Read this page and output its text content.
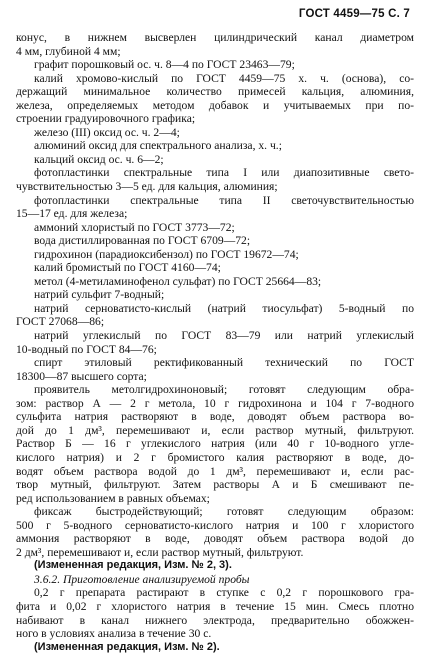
ГОСТ 4459—75 С. 7
конус, в нижнем высверлен цилиндрический канал диаметром
4 мм, глубиной 4 мм;
графит порошковый ос. ч. 8—4 по ГОСТ 23463—79;
калий хромово-кислый по ГОСТ 4459—75 х. ч. (основа), со-
держащий минимальное количество примесей кальция, алюминия,
железа, определяемых методом добавок и учитываемых при по-
строении градуировочного графика;
железо (III) оксид ос. ч. 2—4;
алюминий оксид для спектрального анализа, х. ч.;
кальций оксид ос. ч. 6—2;
фотопластинки спектральные типа I или диапозитивные свето-
чувствительностью 3—5 ед. для кальция, алюминия;
фотопластинки спектральные типа II светочувствительностью
15—17 ед. для железа;
аммоний хлористый по ГОСТ 3773—72;
вода дистиллированная по ГОСТ 6709—72;
гидрохинон (парадиоксибензол) по ГОСТ 19672—74;
калий бромистый по ГОСТ 4160—74;
метол (4-метиламинофенол сульфат) по ГОСТ 25664—83;
натрий сульфит 7-водный;
натрий серноватисто-кислый (натрий тиосульфат) 5-водный по
ГОСТ 27068—86;
натрий углекислый по ГОСТ 83—79 или натрий углекислый
10-водный по ГОСТ 84—76;
спирт этиловый ректификованный технический по ГОСТ
18300—87 высшего сорта;
проявитель метолгидрохиноновый; готовят следующим обра-
зом: раствор А — 2 г метола, 10 г гидрохинона и 104 г 7-водного
сульфита натрия растворяют в воде, доводят объем раствора во-
дой до 1 дм³, перемешивают и, если раствор мутный, фильтруют.
Раствор Б — 16 г углекислого натрия (или 40 г 10-водного угле-
кислого натрия) и 2 г бромистого калия растворяют в воде, до-
водят объем раствора водой до 1 дм³, перемешивают и, если рас-
твор мутный, фильтруют. Затем растворы А и Б смешивают пе-
ред использованием в равных объемах;
фиксаж быстродействующий; готовят следующим образом:
500 г 5-водного серноватисто-кислого натрия и 100 г хлористого
аммония растворяют в воде, доводят объем раствора водой до
2 дм³, перемешивают и, если раствор мутный, фильтруют.
(Измененная редакция, Изм. № 2, 3).
3.6.2. Приготовление анализируемой пробы
0,2 г препарата растирают в ступке с 0,2 г порошкового гра-
фита и 0,02 г хлористого натрия в течение 15 мин. Смесь плотно
набивают в канал нижнего электрода, предварительно обожжен-
ного в условиях анализа в течение 30 с.
(Измененная редакция, Изм. № 2).
